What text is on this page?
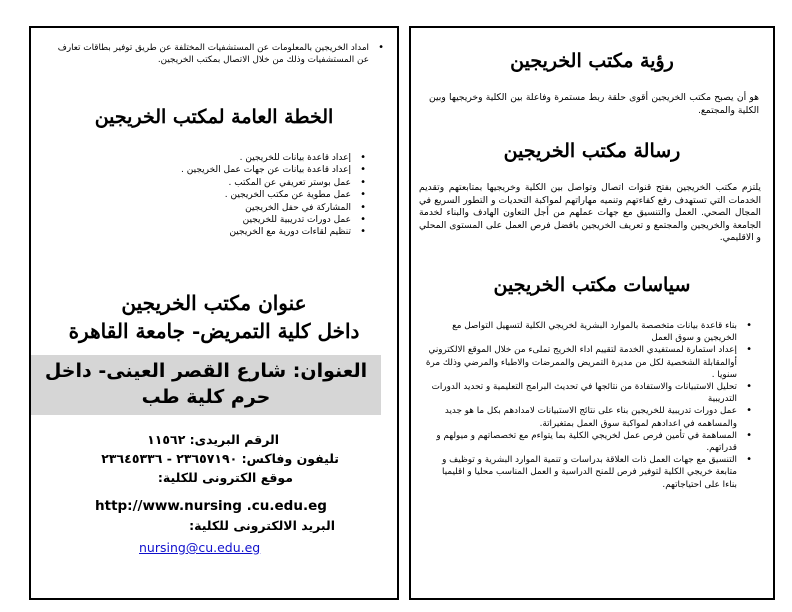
• امداد الخريجين بالمعلومات عن المستشفيات المختلفة عن طريق توفير بطاقات تعارف عن المستشفيات وذلك من خلال الاتصال بمكتب الخريجين.
الخطة العامة لمكتب الخريجين
• إعداد قاعدة بيانات للخريجين .
• إعداد قاعدة بيانات عن جهات عمل الخريجين .
• عمل بوستر تعريفي عن المكتب .
• عمل مطوية عن مكتب الخريجين .
• المشاركة في حفل الخريجين
• عمل دورات تدريبية للخريجين
• تنظيم لقاءات دورية مع الخريجين
عنوان مكتب الخريجين
داخل كلية التمريض- جامعة القاهرة
العنوان: شارع القصر العينى- داخل
حرم كلية طب
الرقم البريدى: ١١٥٦٢
تليفون وفاكس: ٢٣٦٥٧١٩٠ - ٢٣٦٤٥٣٣٦
موقع الكترونى للكلية:
http://www.nursing .cu.edu.eg
البريد الالكترونى للكلية:
nursing@cu.edu.eg
رؤية مكتب الخريجين
هو أن يصبح مكتب الخريجين أقوى حلقة ربط مستمرة وفاعلة بين الكلية وخريجيها وبين الكلية والمجتمع.
رسالة مكتب الخريجين
يلتزم مكتب الخريجين بفتح قنوات اتصال وتواصل بين الكلية وخريجيها بمتابعتهم وتقديم الخدمات التي تستهدف رفع كفاءتهم وتنميه مهاراتهم لمواكبة التحديات و التطور السريع في المجال الصحي. العمل والتنسيق مع جهات عملهم من أجل التعاون الهادف والبناء لخدمة الجامعة والخريجين والمجتمع و تعريف الخريجين بافضل فرص العمل على المستوى المحلي و الاقليمي.
سياسات مكتب الخريجين
• بناء قاعدة بيانات متخصصة بالموارد البشرية لخريجي الكلية لتسهيل التواصل مع الخريجين و سوق العمل
• إعداد استمارة لمستفيدي الخدمة لتقييم اداء الخريج تملىء من خلال الموقع الالكتروني أوالمقابلة الشخصية لكل من مديرة التمريض والممرضات والاطباء والمرضي وذلك مرة سنويا .
• تحليل الاستبيانات والاستفادة من نتائجها في تحديث البرامج التعليمية و تحديد الدورات التدريبية
• عمل دورات تدريبية للخريجين بناء على نتائج الاستبيانات لامدادهم بكل ما هو جديد والمساهمه في اعدادهم لمواكبة سوق العمل بمتغيراتة.
• المساهمة في تأمين فرص عمل لخريجي الكلية بما يتواءم مع تخصصاتهم و ميولهم و قدراتهم.
• التنسيق مع جهات العمل ذات العلاقة بدراسات و تنمية الموارد البشرية و توظيف و متابعة خريجي الكلية لتوفير فرص للمنح الدراسية و العمل المناسب محليا و اقليميا بناءا على احتياجاتهم.
